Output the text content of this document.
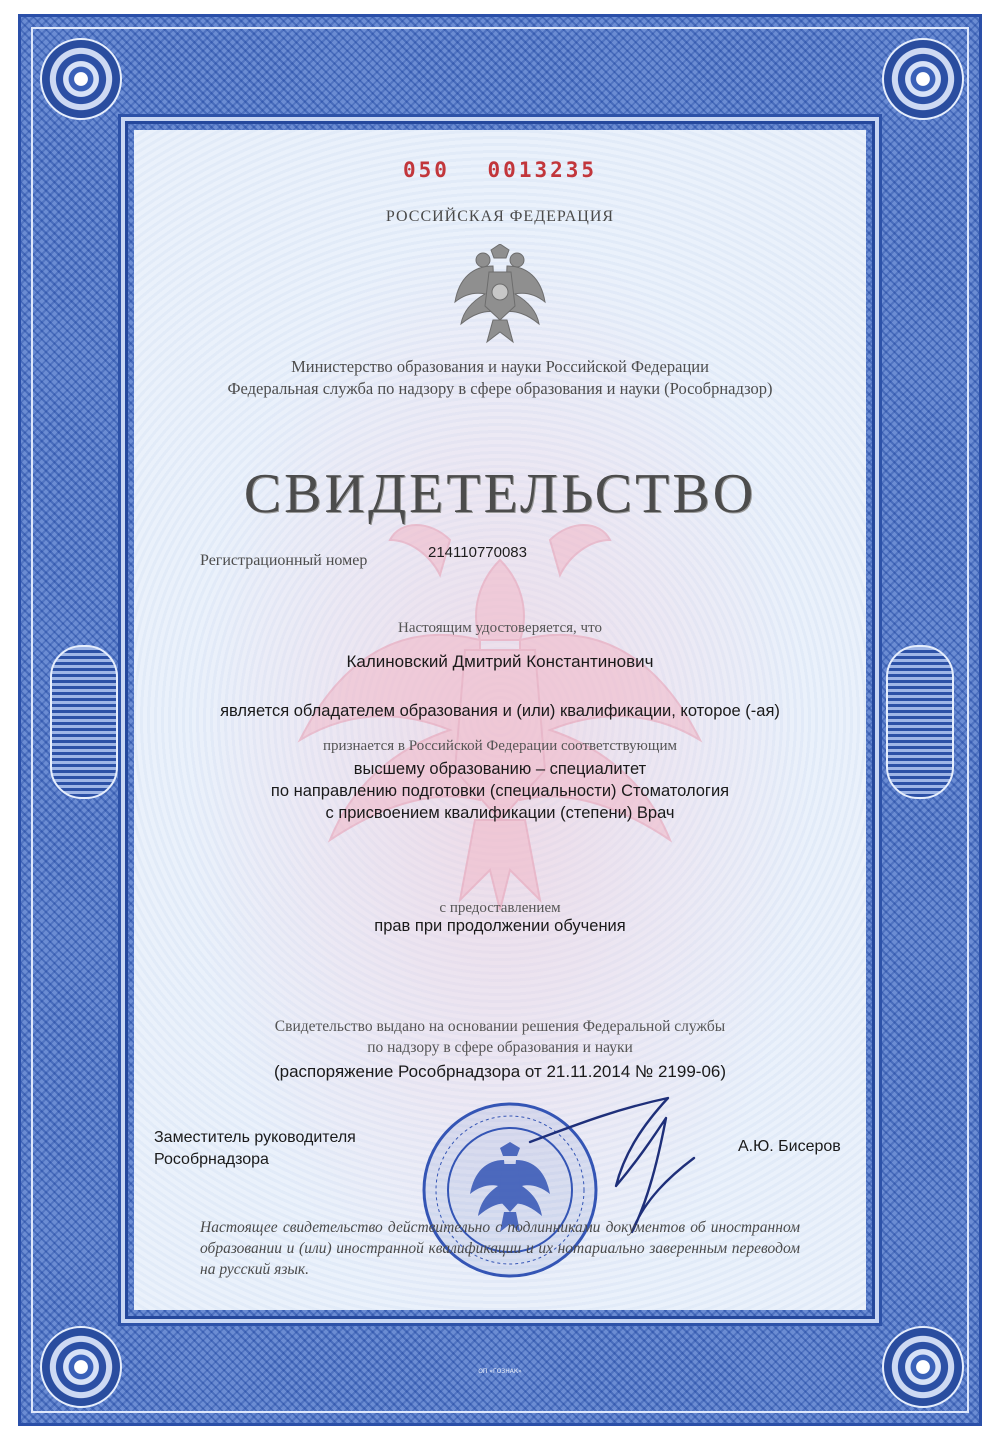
050 0013235
РОССИЙСКАЯ ФЕДЕРАЦИЯ
Министерство образования и науки Российской Федерации
Федеральная служба по надзору в сфере образования и науки (Рособрнадзор)
СВИДЕТЕЛЬСТВО
Регистрационный номер	214110770083
Настоящим удостоверяется, что
Калиновский Дмитрий Константинович
является обладателем образования и (или) квалификации, которое (-ая)
признается в Российской Федерации соответствующим
высшему образованию – специалитет
по направлению подготовки (специальности) Стоматология
с присвоением квалификации (степени) Врач
с предоставлением
прав при продолжении обучения
Свидетельство выдано на основании решения Федеральной службы
по надзору в сфере образования и науки
(распоряжение Рособрнадзора от 21.11.2014 № 2199-06)
Заместитель руководителя
Рособрнадзора
А.Ю. Бисеров
Настоящее свидетельство действительно с подлинниками документов об иностранном образовании и (или) иностранной квалификации и их нотариально заверенным переводом на русский язык.
ОП «ГОЗНАК»
